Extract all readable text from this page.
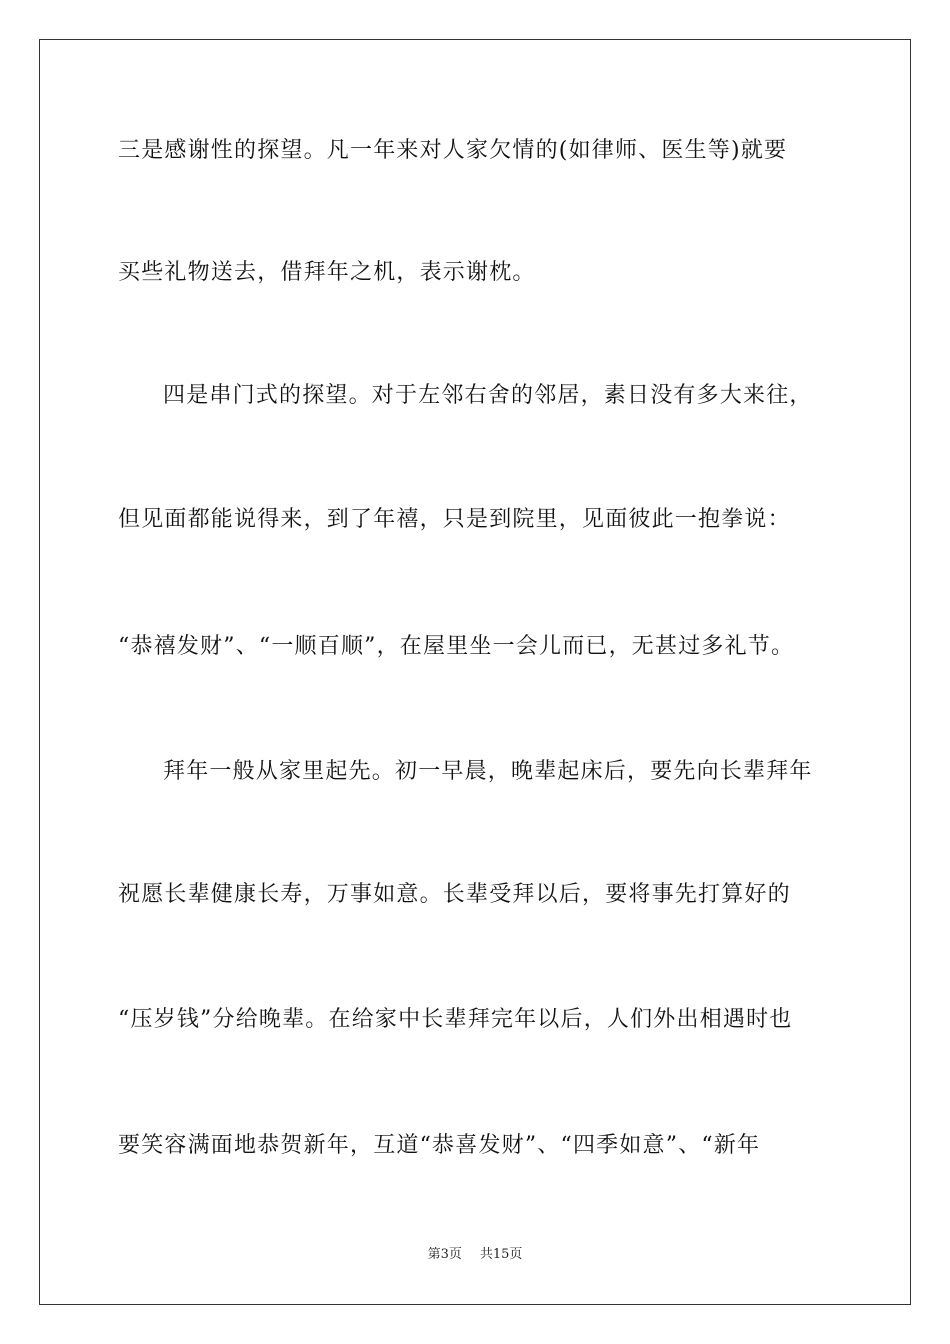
三是感谢性的探望。凡一年来对人家欠情的(如律师、医生等)就要
买些礼物送去，借拜年之机，表示谢枕。
四是串门式的探望。对于左邻右舍的邻居，素日没有多大来往，
但见面都能说得来，到了年禧，只是到院里，见面彼此一抱拳说：
“恭禧发财”、“一顺百顺”，在屋里坐一会儿而已，无甚过多礼节。
拜年一般从家里起先。初一早晨，晚辈起床后，要先向长辈拜年
祝愿长辈健康长寿，万事如意。长辈受拜以后，要将事先打算好的
“压岁钱”分给晚辈。在给家中长辈拜完年以后，人们外出相遇时也
要笑容满面地恭贺新年，互道“恭喜发财”、“四季如意”、“新年
第3页 共15页
